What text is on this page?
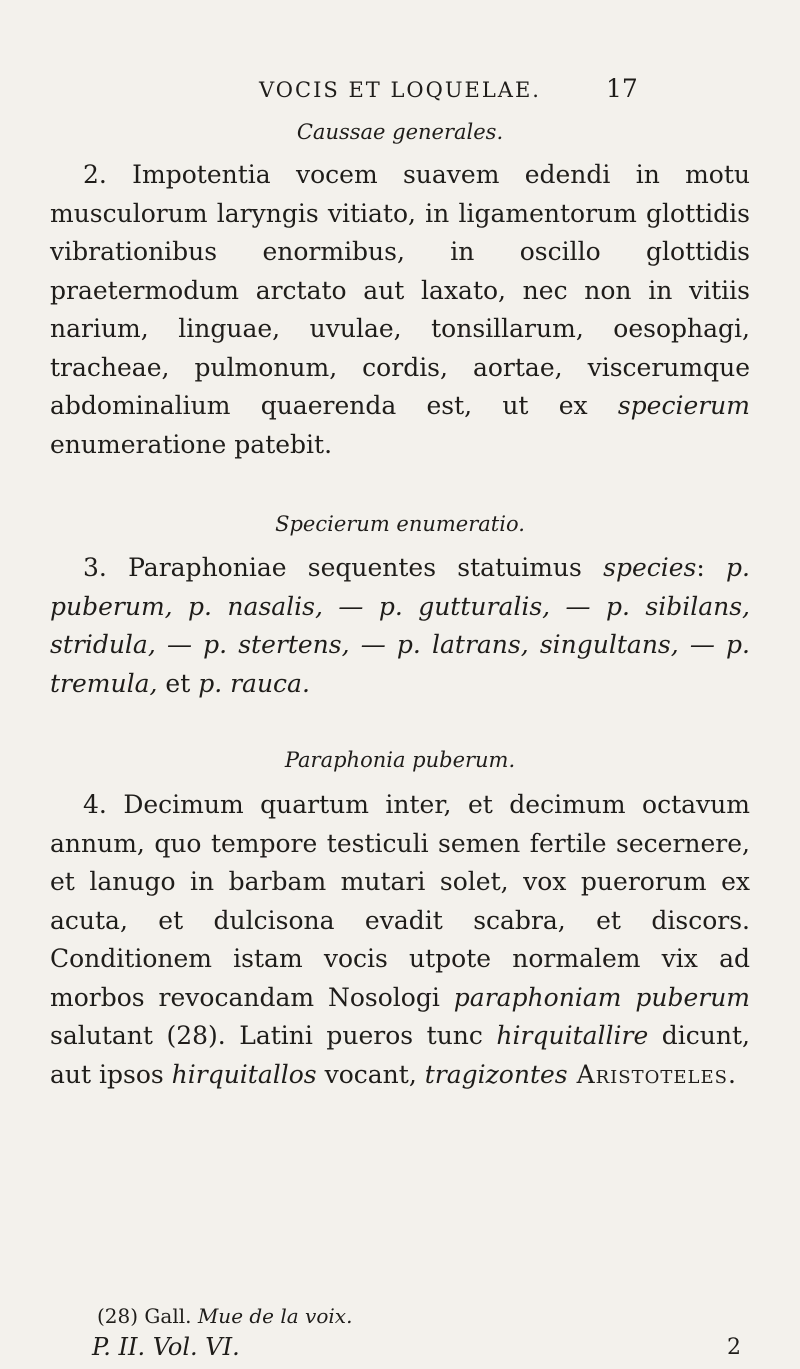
VOCIS ET LOQUELAE.	17
Caussae generales.

2. Impotentia vocem suavem edendi in motu musculorum laryngis vitiato, in ligamentorum glottidis vibrationibus enormibus, in oscillo glottidis praetermodum arctato aut laxato, nec non in vitiis narium, linguae, uvulae, tonsillarum, oesophagi, tracheae, pulmonum, cordis, aortae, viscerumque abdominalium quaerenda est, ut ex specierum enumeratione patebit.

Specierum enumeratio.

3. Paraphoniae sequentes statuimus species: p. puberum, p. nasalis, — p. gutturalis, — p. sibilans, stridula, — p. stertens, — p. latrans, singultans, — p. tremula, et p. rauca.

Paraphonia puberum.

4. Decimum quartum inter, et decimum octavum annum, quo tempore testiculi semen fertile secernere, et lanugo in barbam mutari solet, vox puerorum ex acuta, et dulcisona evadit scabra, et discors. Conditionem istam vocis utpote normalem vix ad morbos revocandam Nosologi paraphoniam puberum salutant (28). Latini pueros tunc hirquitallire dicunt, aut ipsos hirquitallos vocant, tragizontes Aristoteles.

(28) Gall. Mue de la voix.
P. II. Vol. VI.	2
